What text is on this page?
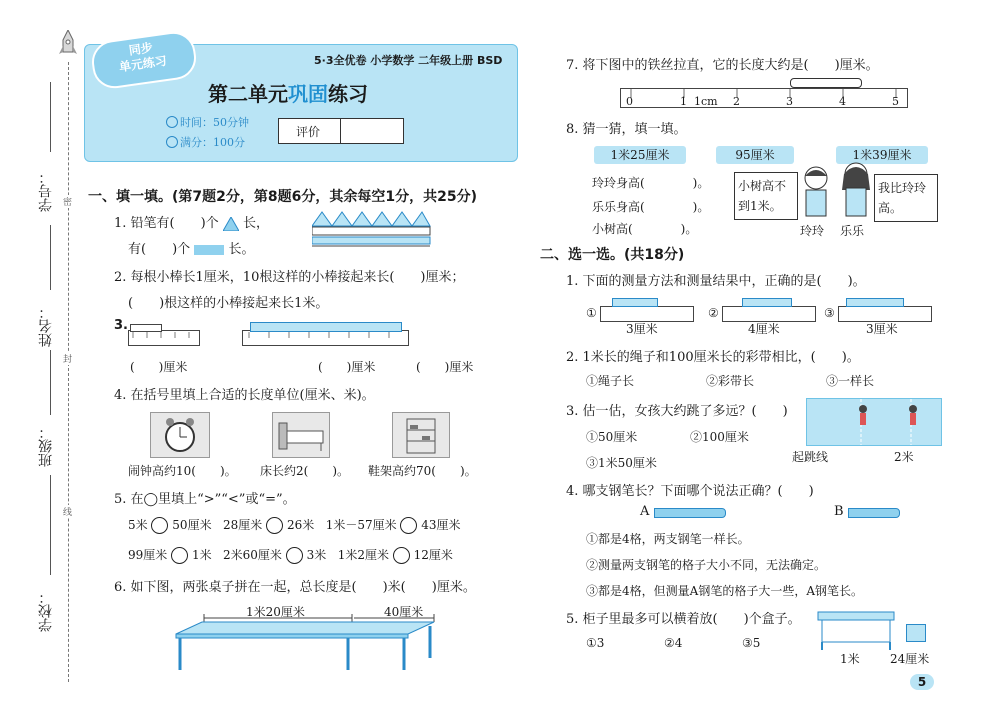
学号：
姓名：
班级：
学校：
密
封
线
同步
单元练习	5·3全优卷 小学数学 二年级上册 BSD
第二单元巩固练习
时间：50分钟
满分：100分
评价
一、填一填。(第7题2分，第8题6分，其余每空1分，共25分)
1. 铅笔有(　　)个 长，
有(　　)个	长。
2. 每根小棒长1厘米，10根这样的小棒接起来长(　　)厘米；
(　　)根这样的小棒接起来长1米。
3.
(　　)厘米	(　　)厘米	(　　)厘米
4. 在括号里填上合适的长度单位(厘米、米)。
闹钟高约10(　　)。 床长约2(　　)。 鞋架高约70(　　)。
5. 在◯里填上“>”“<”或“=”。
5米 50厘米 28厘米 26米 1米－57厘米 43厘米
99厘米 1米 2米60厘米 3米 1米2厘米 12厘米
6. 如下图，两张桌子拼在一起，总长度是(　　)米(　　)厘米。
1米20厘米	40厘米
7. 将下图中的铁丝拉直，它的长度大约是(　　)厘米。
0	1 1cm 2	3	4	5
8. 猜一猜，填一填。
1米25厘米	95厘米	1米39厘米
玲玲身高(　　　　)。
乐乐身高(　　　　)。
小树高(　　　　)。
小树高不到1米。
我比玲玲高。
玲玲 乐乐
二、选一选。(共18分)
1. 下面的测量方法和测量结果中，正确的是(　　)。
①
3厘米
②
4厘米
③
3厘米
2. 1米长的绳子和100厘米长的彩带相比，(　　)。
①绳子长	②彩带长	③一样长
3. 估一估，女孩大约跳了多远？(　　)
①50厘米	②100厘米
③1米50厘米	起跳线	2米
4. 哪支钢笔长？下面哪个说法正确？(　　)
A	B
①都是4格，两支钢笔一样长。
②测量两支钢笔的格子大小不同，无法确定。
③都是4格，但测量A钢笔的格子大一些，A钢笔长。
5. 柜子里最多可以横着放(　　)个盒子。
①3	②4	③5
1米	24厘米
5
